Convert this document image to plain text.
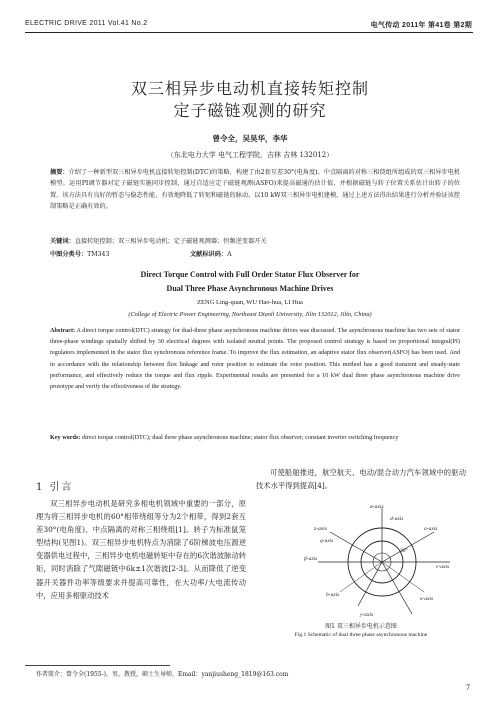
ELECTRIC DRIVE 2011 Vol.41 No.2	电气传动 2011年 第41卷 第2期
双三相异步电动机直接转矩控制
定子磁链观测的研究
曾令全，吴昊华，李华
（东北电力大学 电气工程学院，吉林 吉林 132012）
摘要：介绍了一种新型双三相异步电机直接转矩控制(DTC)的策略，构建了由2套互差30°(电角度)、中点隔离的对称三相绕组所组成的双三相异步电机模型。运用PI调节器对定子磁链实施同步控制，通过自适应定子磁链观测(ASFO)来提高磁通的估计值，并根据磁链与转子位置关系估计出转子的位置。该方法具有良好的暂态与稳态性能，有效地降低了转矩和磁链的脉动。以10 kW双三相异步电机建模，通过上述方法得出结果进行分析并验证该控制策略是正确有效的。
关键词：直接转矩控制；双三相异步电动机；定子磁链观测器；恒频逆变器开关
中图分类号：TM343	文献标识码：A
Direct Torque Control with Full Order Stator Flux Observer for
Dual Three Phase Asynchronous Machine Drives
ZENG Ling-quan, WU Hao-hua, LI Hua
(College of Electric Power Engineering, Northeast Dianli University, Jilin 132012, Jilin, China)
Abstract: A direct torque control(DTC) strategy for dual-three phase asynchronous machine drives was discussed. The asynchronous machine has two sets of stator three-phase windings spatially shifted by 30 electrical degrees with isolated neutral points. The proposed control strategy is based on proportional integral(PI) regulators implemented in the stator flux synchronous reference frame. To improve the flux estimation, an adaptive stator flux observer(ASFO) has been used. And in accordance with the relationship between flux linkage and rotor position to estimate the rotor position. This method has a good transient and steady-state performance, and effectively reduce the torque and flux ripple. Experimental results are presented for a 10 kW dual three phase asynchronous machine drive prototype and verify the effectiveness of the strategy.
Key words: direct torque control(DTC); dual three phase asynchronous machine; stator flux observer; constant inverter switching frequency
1 引言
双三相异步电动机是研究多相电机领域中重要的一部分，原理为将三相异步电机的60°相带绕组等分为2个相带，得到2套互差30°(电角度)、中点隔离的对称三相绕组[1]。转子为标准鼠笼型结构(见图1)。双三相异步电机特点为消除了6阶梯波电压源逆变器供电过程中，三相异步电机电磁转矩中存在的6次谐波脉动转矩，同时消除了气隙磁链中6k±1次谐波[2-3]。从而降低了逆变器开关器件功率等级要求并提高可靠性，在大功率/大电流传动中，应用多相驱动技术
可使船舶推进，航空航天、电动/混合动力汽车领域中的驱动技术水平得到提高[4]。
α-axis
d-axis
z-axis
q-axis
a-axis
β-axis
c-axis
b-axis
x-axis
y-axis
30°
图1 双三相异步电机示意图
Fig.1 Schematic of dual three phase asynchronous machine
作者简介：曾令全(1955-)，男，教授，硕士生导师，Email：yanjiusheng_1819@163.com
7
